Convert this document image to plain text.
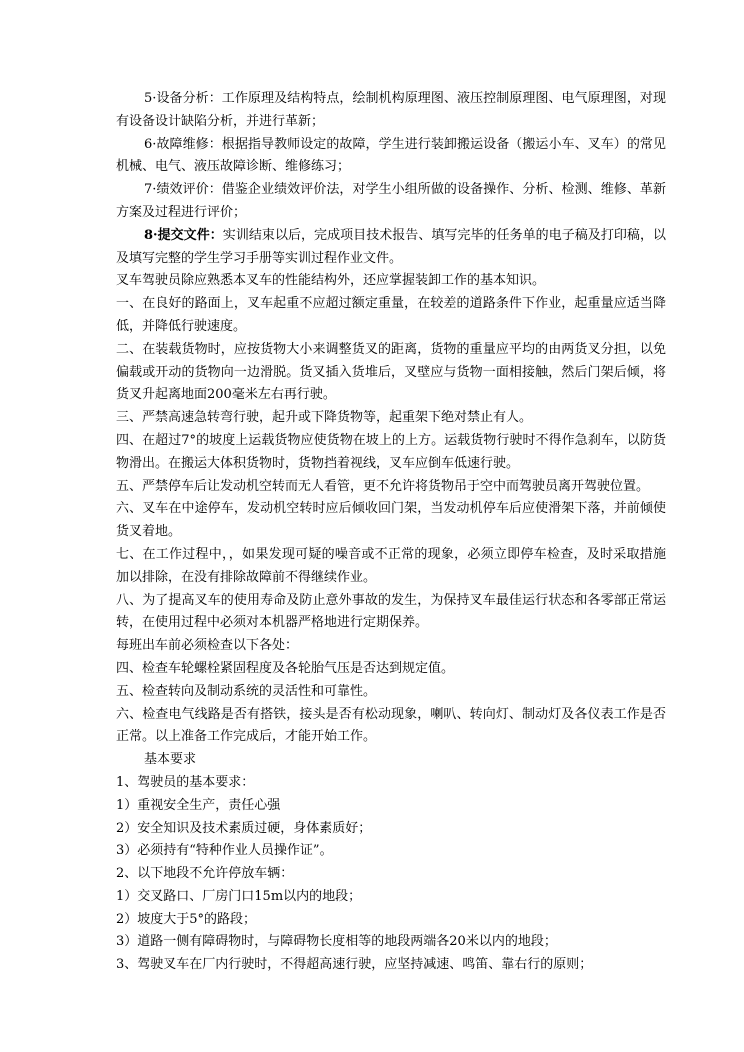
5·设备分析：工作原理及结构特点，绘制机构原理图、液压控制原理图、电气原理图，对现有设备设计缺陷分析，并进行革新；

6·故障维修：根据指导教师设定的故障，学生进行装卸搬运设备（搬运小车、叉车）的常见机械、电气、液压故障诊断、维修练习；

7·绩效评价：借鉴企业绩效评价法，对学生小组所做的设备操作、分析、检测、维修、革新方案及过程进行评价；

8·提交文件：实训结束以后，完成项目技术报告、填写完毕的任务单的电子稿及打印稿，以及填写完整的学生学习手册等实训过程作业文件。

叉车驾驶员除应熟悉本叉车的性能结构外，还应掌握装卸工作的基本知识。

一、在良好的路面上，叉车起重不应超过额定重量，在较差的道路条件下作业，起重量应适当降低，并降低行驶速度。

二、在装载货物时，应按货物大小来调整货叉的距离，货物的重量应平均的由两货叉分担，以免偏载或开动的货物向一边滑脱。货叉插入货堆后，叉壁应与货物一面相接触，然后门架后倾，将货叉升起离地面200毫米左右再行驶。

三、严禁高速急转弯行驶，起升或下降货物等，起重架下绝对禁止有人。

四、在超过7°的坡度上运载货物应使货物在坡上的上方。运载货物行驶时不得作急刹车，以防货物滑出。在搬运大体积货物时，货物挡着视线，叉车应倒车低速行驶。

五、严禁停车后让发动机空转而无人看管，更不允许将货物吊于空中而驾驶员离开驾驶位置。

六、叉车在中途停车，发动机空转时应后倾收回门架，当发动机停车后应使滑架下落，并前倾使货叉着地。

七、在工作过程中，，如果发现可疑的噪音或不正常的现象，必须立即停车检查，及时采取措施加以排除，在没有排除故障前不得继续作业。

八、为了提高叉车的使用寿命及防止意外事故的发生，为保持叉车最佳运行状态和各零部正常运转，在使用过程中必须对本机器严格地进行定期保养。

每班出车前必须检查以下各处：

四、检查车轮螺栓紧固程度及各轮胎气压是否达到规定值。

五、检查转向及制动系统的灵活性和可靠性。

六、检查电气线路是否有搭铁，接头是否有松动现象，喇叭、转向灯、制动灯及各仪表工作是否正常。以上准备工作完成后，才能开始工作。

基本要求

1、驾驶员的基本要求：

1）重视安全生产，责任心强

2）安全知识及技术素质过硬，身体素质好；

3）必须持有“特种作业人员操作证”。

2、以下地段不允许停放车辆：

1）交叉路口、厂房门口15m以内的地段；

2）坡度大于5°的路段；

3）道路一侧有障碍物时，与障碍物长度相等的地段两端各20米以内的地段；

3、驾驶叉车在厂内行驶时，不得超高速行驶，应坚持减速、鸣笛、靠右行的原则；
